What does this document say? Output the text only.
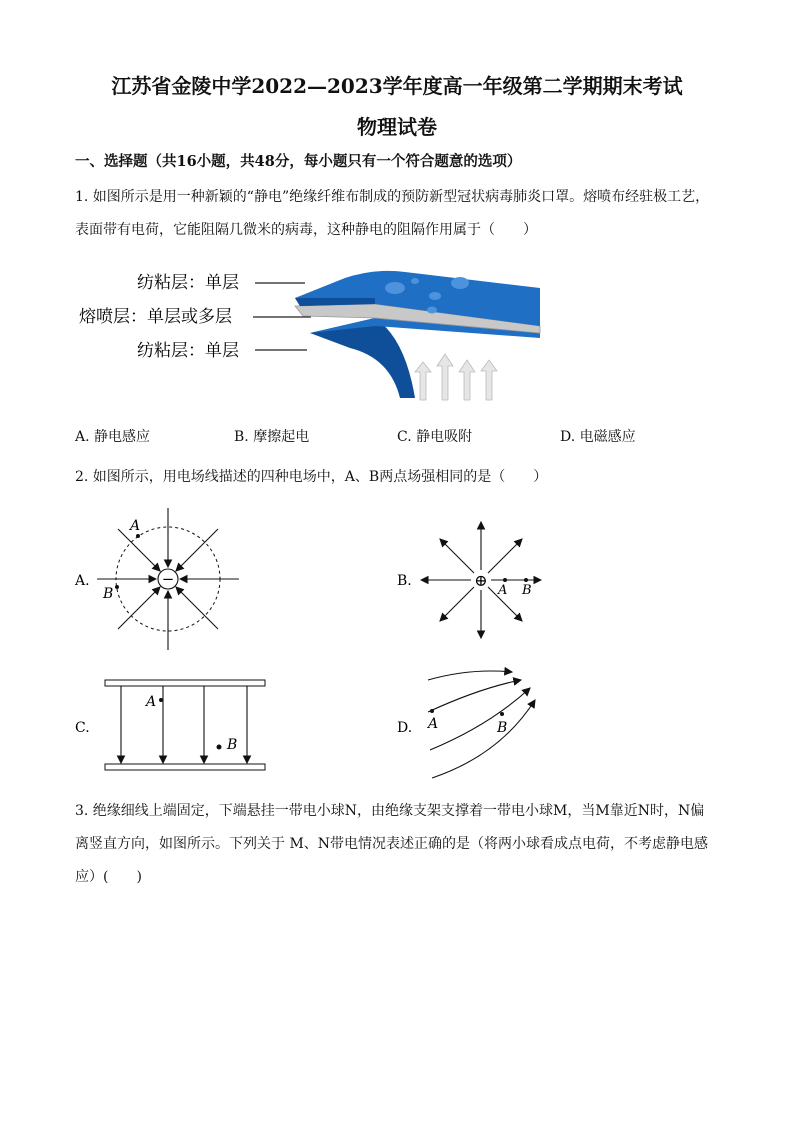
江苏省金陵中学2022—2023学年度高一年级第二学期期末考试
物理试卷
一、选择题（共16小题，共48分，每小题只有一个符合题意的选项）
1. 如图所示是用一种新颖的“静电”绝缘纤维布制成的预防新型冠状病毒肺炎口罩。熔喷布经驻极工艺，
表面带有电荷，它能阻隔几微米的病毒，这种静电的阻隔作用属于（　　）
纺粘层：单层
熔喷层：单层或多层
纺粘层：单层
A. 静电感应	B. 摩擦起电	C. 静电吸附	D. 电磁感应
2. 如图所示，用电场线描述的四种电场中，A、B两点场强相同的是（　　）
A.	−
A
B
B.	⊕
A B
C.
A
B
D. A	B
3. 绝缘细线上端固定，下端悬挂一带电小球N，由绝缘支架支撑着一带电小球M，当M靠近N时，N偏
离竖直方向，如图所示。下列关于 M、N带电情况表述正确的是（将两小球看成点电荷，不考虑静电感
应）(　　)
